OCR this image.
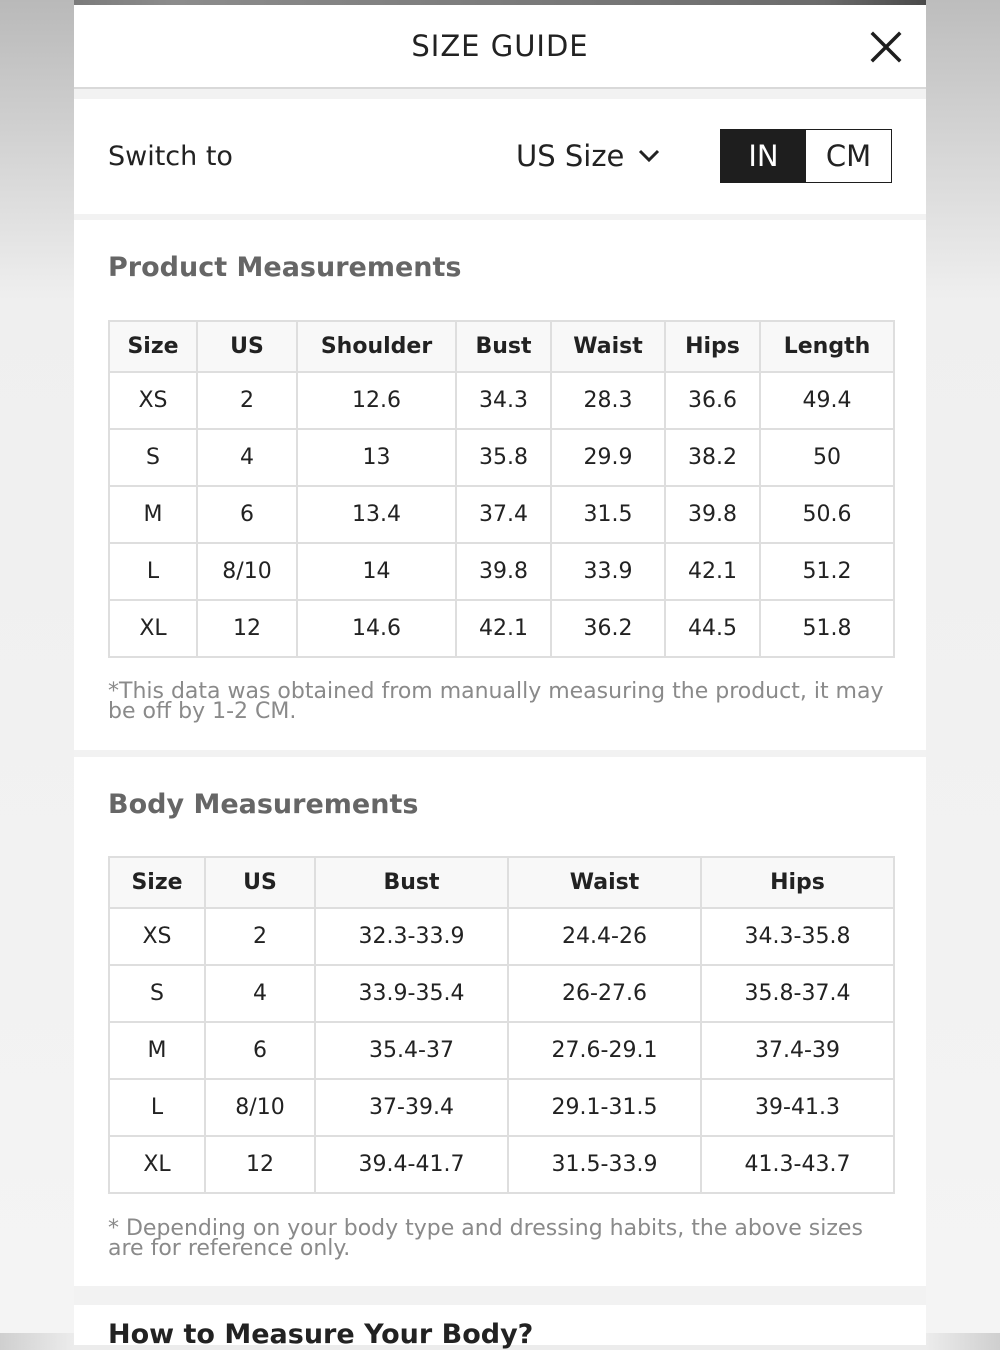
SIZE GUIDE
Switch to	US Size	IN	CM
Product Measurements
Size	US	Shoulder	Bust	Waist	Hips	Length
XS	2	12.6	34.3	28.3	36.6	49.4
S	4	13	35.8	29.9	38.2	50
M	6	13.4	37.4	31.5	39.8	50.6
L	8/10	14	39.8	33.9	42.1	51.2
XL	12	14.6	42.1	36.2	44.5	51.8
*This data was obtained from manually measuring the product, it may be off by 1-2 CM.
Body Measurements
Size	US	Bust	Waist	Hips
XS	2	32.3-33.9	24.4-26	34.3-35.8
S	4	33.9-35.4	26-27.6	35.8-37.4
M	6	35.4-37	27.6-29.1	37.4-39
L	8/10	37-39.4	29.1-31.5	39-41.3
XL	12	39.4-41.7	31.5-33.9	41.3-43.7
* Depending on your body type and dressing habits, the above sizes are for reference only.
How to Measure Your Body?
